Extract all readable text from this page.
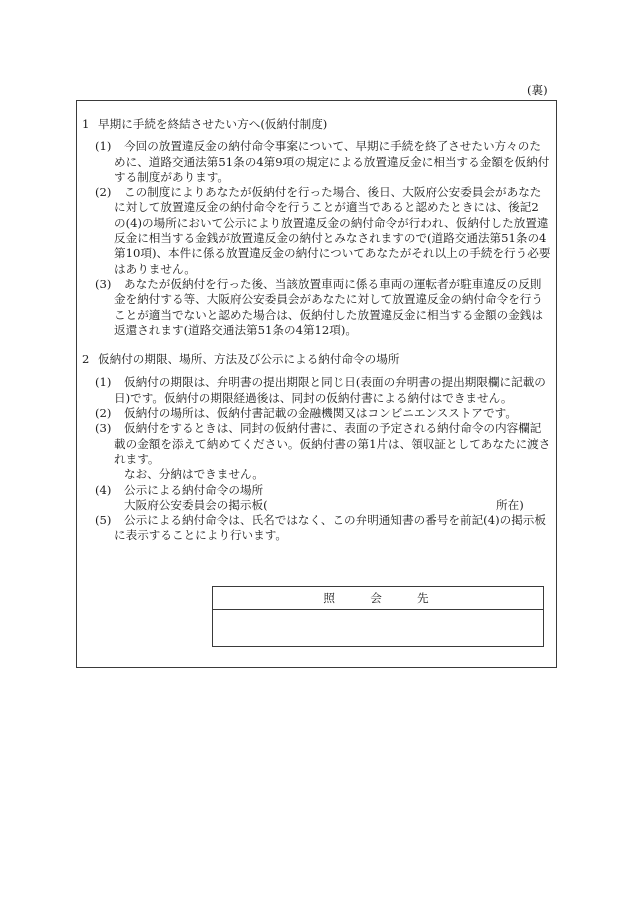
(裏)
1 早期に手続を終結させたい方へ(仮納付制度)
(1)	今回の放置違反金の納付命令事案について、早期に手続を終了させたい方々のた
めに、道路交通法第51条の4第9項の規定による放置違反金に相当する金額を仮納付
する制度があります。
(2)	この制度によりあなたが仮納付を行った場合、後日、大阪府公安委員会があなた
に対して放置違反金の納付命令を行うことが適当であると認めたときには、後記2
の(4)の場所において公示により放置違反金の納付命令が行われ、仮納付した放置違
反金に相当する金銭が放置違反金の納付とみなされますので(道路交通法第51条の4
第10項)、本件に係る放置違反金の納付についてあなたがそれ以上の手続を行う必要
はありません。
(3)	あなたが仮納付を行った後、当該放置車両に係る車両の運転者が駐車違反の反則
金を納付する等、大阪府公安委員会があなたに対して放置違反金の納付命令を行う
ことが適当でないと認めた場合は、仮納付した放置違反金に相当する金額の金銭は
返還されます(道路交通法第51条の4第12項)。
2 仮納付の期限、場所、方法及び公示による納付命令の場所
(1)	仮納付の期限は、弁明書の提出期限と同じ日(表面の弁明書の提出期限欄に記載の
日)です。仮納付の期限経過後は、同封の仮納付書による納付はできません。
(2)	仮納付の場所は、仮納付書記載の金融機関又はコンビニエンスストアです。
(3)	仮納付をするときは、同封の仮納付書に、表面の予定される納付命令の内容欄記
載の金額を添えて納めてください。仮納付書の第1片は、領収証としてあなたに渡さ
れます。
なお、分納はできません。
(4)	公示による納付命令の場所
大阪府公安委員会の掲示板(	所在)
(5)	公示による納付命令は、氏名ではなく、この弁明通知書の番号を前記(4)の掲示板
に表示することにより行います。
照　　会　　先
